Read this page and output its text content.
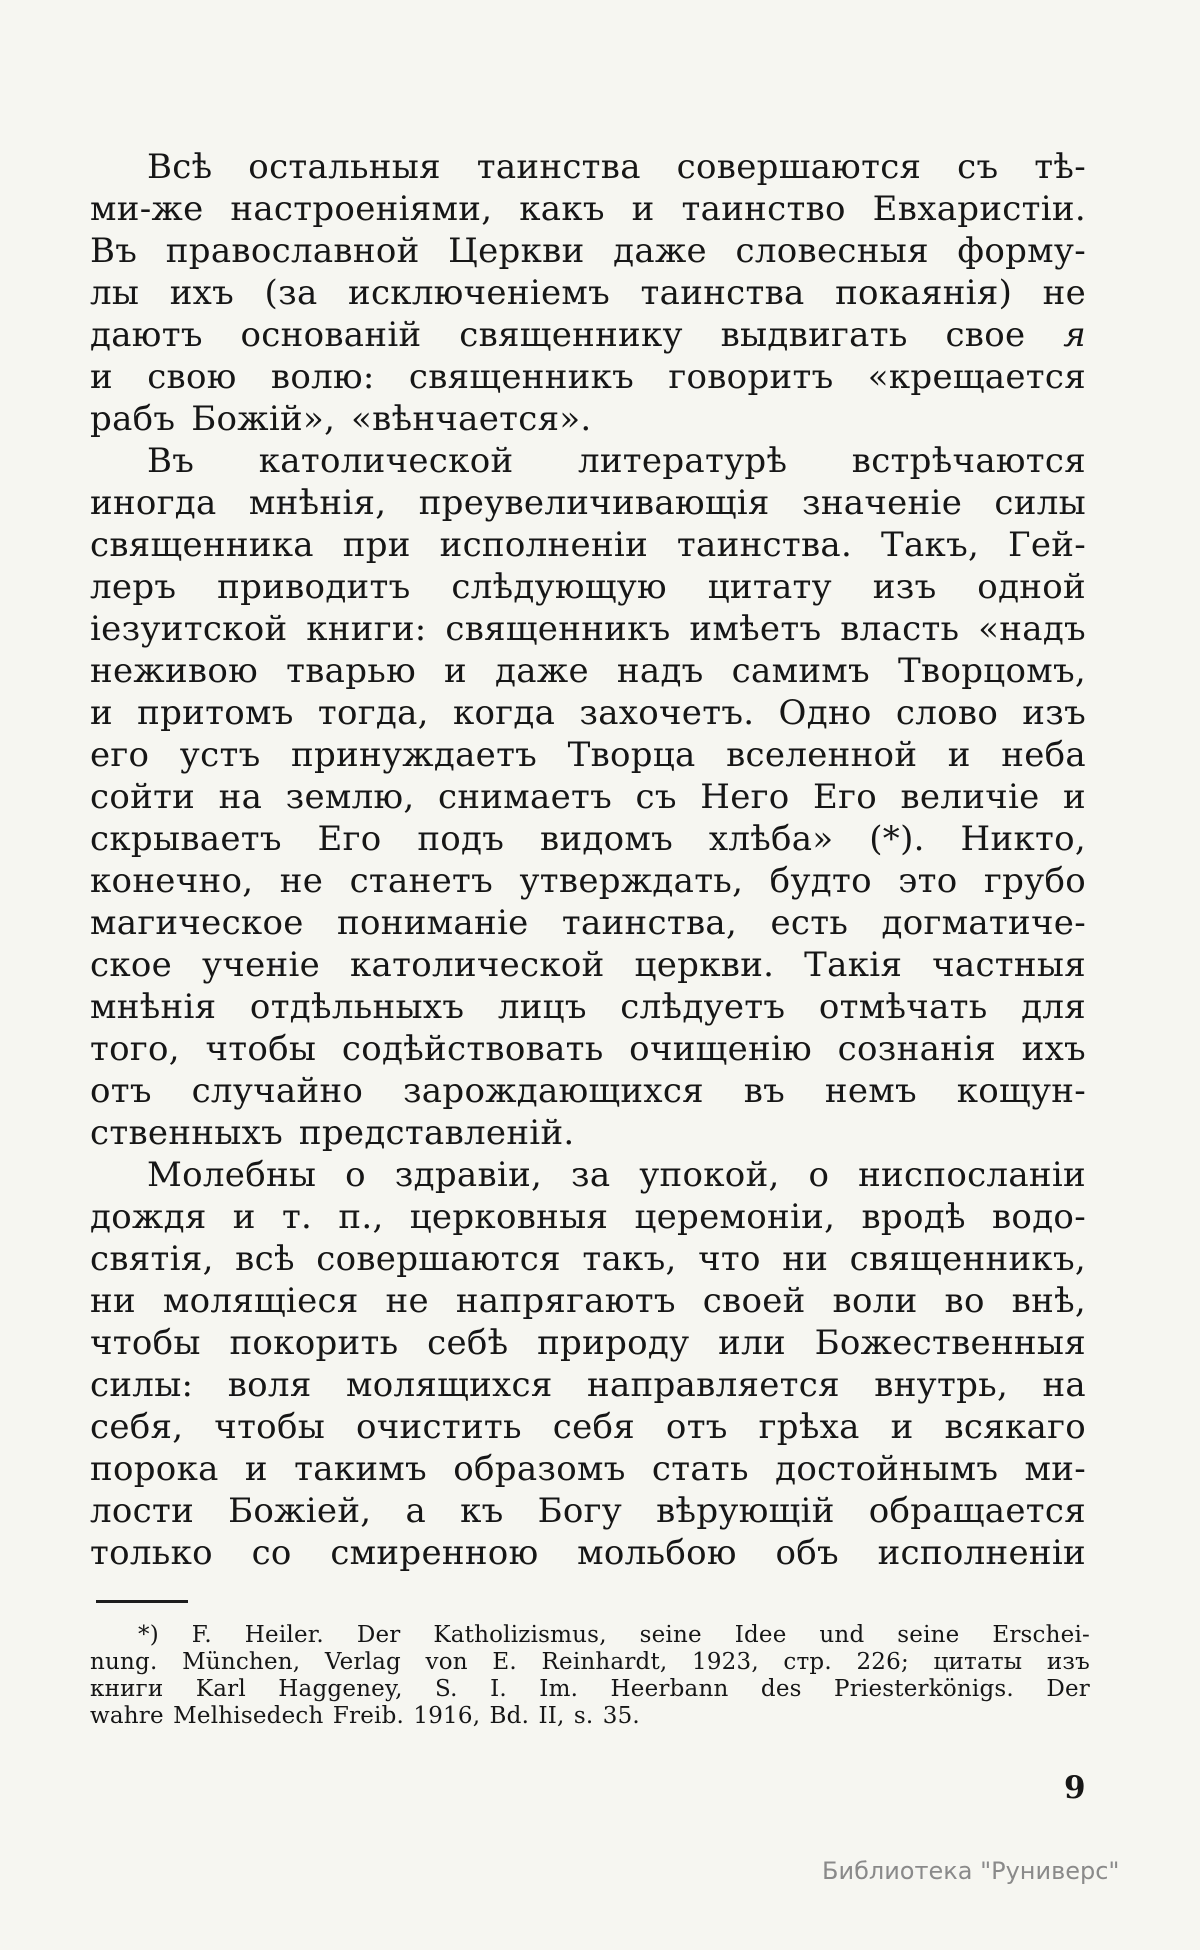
Всѣ остальныя таинства совершаются съ тѣ-
ми-же настроеніями, какъ и таинство Евхаристіи.
Въ православной Церкви даже словесныя форму-
лы ихъ (за исключеніемъ таинства покаянія) не
даютъ основаній священнику выдвигать свое я
и свою волю: священникъ говоритъ «крещается
рабъ Божій», «вѣнчается».
Въ католической литературѣ встрѣчаются
иногда мнѣнія, преувеличивающія значеніе силы
священника при исполненіи таинства. Такъ, Гей-
леръ приводитъ слѣдующую цитату изъ одной
іезуитской книги: священникъ имѣетъ власть «надъ
неживою тварью и даже надъ самимъ Творцомъ,
и притомъ тогда, когда захочетъ. Одно слово изъ
его устъ принуждаетъ Творца вселенной и неба
сойти на землю, снимаетъ съ Него Его величіе и
скрываетъ Его подъ видомъ хлѣба» (*). Никто,
конечно, не станетъ утверждать, будто это грубо
магическое пониманіе таинства, есть догматиче-
ское ученіе католической церкви. Такія частныя
мнѣнія отдѣльныхъ лицъ слѣдуетъ отмѣчать для
того, чтобы содѣйствовать очищенію сознанія ихъ
отъ случайно зарождающихся въ немъ кощун-
ственныхъ представленій.
Молебны о здравіи, за упокой, о ниспосланіи
дождя и т. п., церковныя церемоніи, вродѣ водо-
святія, всѣ совершаются такъ, что ни священникъ,
ни молящіеся не напрягаютъ своей воли во внѣ,
чтобы покорить себѣ природу или Божественныя
силы: воля молящихся направляется внутрь, на
себя, чтобы очистить себя отъ грѣха и всякаго
порока и такимъ образомъ стать достойнымъ ми-
лости Божіей, а къ Богу вѣрующій обращается
только со смиренною мольбою объ исполненіи
*) F. Heiler. Der Katholizismus, seine Idee und seine Erschei-
nung. München, Verlag von E. Reinhardt, 1923, стр. 226; цитаты изъ
книги Karl Haggeney, S. I. Im. Heerbann des Priesterkönigs. Der
wahre Melhisedech Freib. 1916, Bd. II, s. 35.
9
Библиотека "Руниверс"
